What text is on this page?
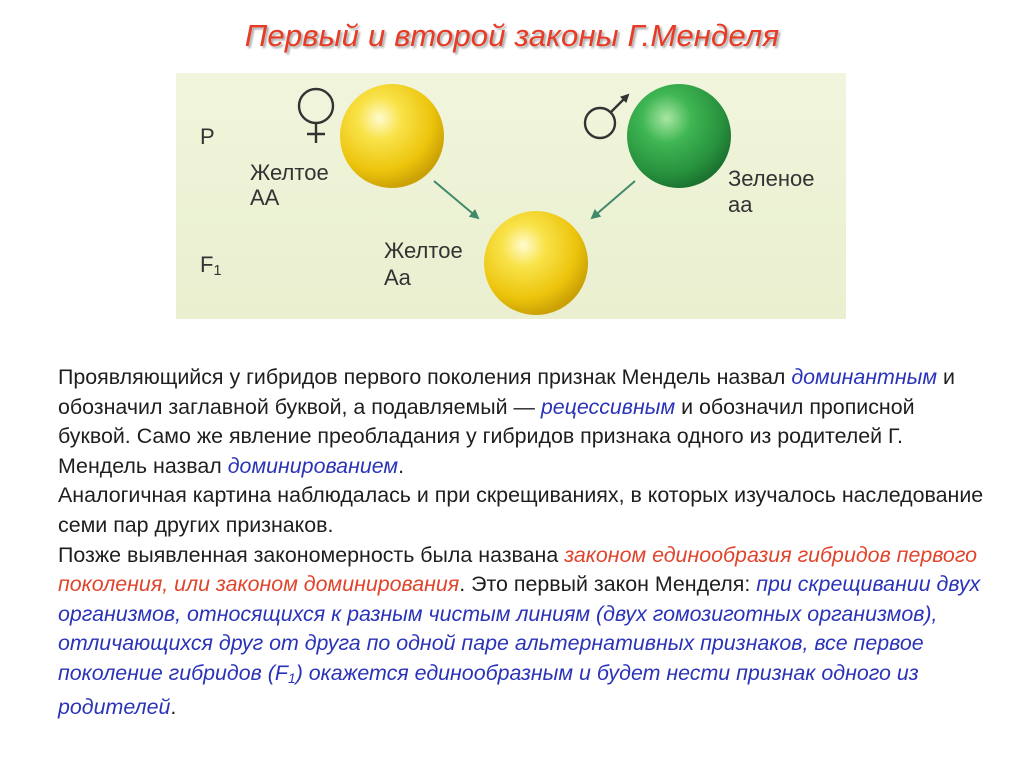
Первый и второй законы Г.Менделя
P
$F_1$
Желтое
AA
Зеленое
aa
Желтое
Aa

Проявляющийся у гибридов первого поколения признак Мендель назвал доминантным и обозначил заглавной буквой, а подавляемый — рецессивным и обозначил прописной буквой. Само же явление преобладания у гибридов признака одного из родителей Г. Мендель назвал доминированием.

Аналогичная картина наблюдалась и при скрещиваниях, в которых изучалось наследование семи пар других признаков.

Позже выявленная закономерность была названа законом единообразия гибридов первого поколения, или законом доминирования. Это первый закон Менделя: при скрещивании двух организмов, относящихся к разным чистым линиям (двух гомозиготных организмов), отличающихся друг от друга по одной паре альтернативных признаков, все первое поколение гибридов $(F_1)$ окажется единообразным и будет нести признак одного из родителей.
